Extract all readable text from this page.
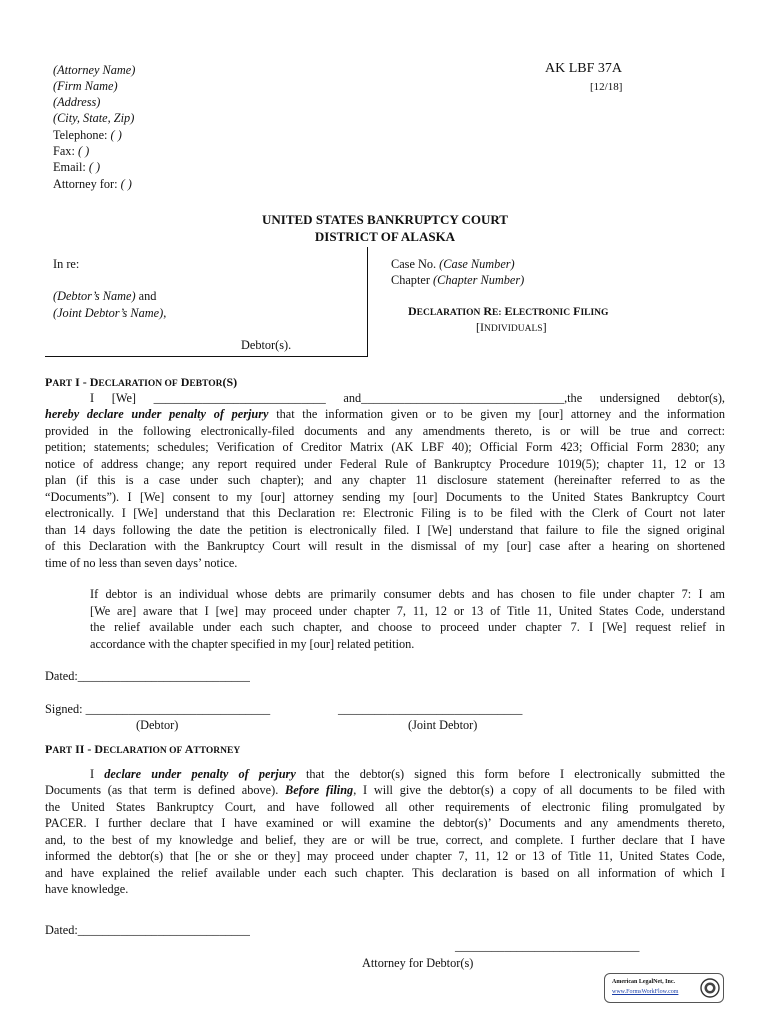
(Attorney Name)
(Firm Name)
(Address)
(City, State, Zip)
Telephone: ( )
Fax: ( )
Email: ( )
Attorney for: ( )
AK LBF 37A
[12/18]
UNITED STATES BANKRUPTCY COURT
DISTRICT OF ALASKA
In re:
(Debtor’s Name) and
(Joint Debtor’s Name),
Debtor(s).
Case No. (Case Number)
Chapter (Chapter Number)
DECLARATION RE: ELECTRONIC FILING
[INDIVIDUALS]
PART I - DECLARATION OF DEBTOR(S)
I [We] ____________________________ and_________________________________,the undersigned debtor(s),
hereby declare under penalty of perjury that the information given or to be given my [our] attorney and the information
provided in the following electronically-filed documents and any amendments thereto, is or will be true and correct:
petition; statements; schedules; Verification of Creditor Matrix (AK LBF 40); Official Form 423; Official Form 2830; any
notice of address change; any report required under Federal Rule of Bankruptcy Procedure 1019(5); chapter 11, 12 or 13
plan (if this is a case under such chapter); and any chapter 11 disclosure statement (hereinafter referred to as the
“Documents”). I [We] consent to my [our] attorney sending my [our] Documents to the United States Bankruptcy Court
electronically. I [We] understand that this Declaration re: Electronic Filing is to be filed with the Clerk of Court not later
than 14 days following the date the petition is electronically filed. I [We] understand that failure to file the signed original
of this Declaration with the Bankruptcy Court will result in the dismissal of my [our] case after a hearing on shortened
time of no less than seven days’ notice.
If debtor is an individual whose debts are primarily consumer debts and has chosen to file under chapter 7: I am
[We are] aware that I [we] may proceed under chapter 7, 11, 12 or 13 of Title 11, United States Code, understand
the relief available under each such chapter, and choose to proceed under chapter 7. I [We] request relief in
accordance with the chapter specified in my [our] related petition.
Dated:____________________________
Signed: ______________________________	______________________________
(Debtor)	(Joint Debtor)
PART II - DECLARATION OF ATTORNEY
I declare under penalty of perjury that the debtor(s) signed this form before I electronically submitted the
Documents (as that term is defined above). Before filing, I will give the debtor(s) a copy of all documents to be filed with
the United States Bankruptcy Court, and have followed all other requirements of electronic filing promulgated by
PACER. I further declare that I have examined or will examine the debtor(s)’ Documents and any amendments thereto,
and, to the best of my knowledge and belief, they are or will be true, correct, and complete. I further declare that I have
informed the debtor(s) that [he or she or they] may proceed under chapter 7, 11, 12 or 13 of Title 11, United States Code,
and have explained the relief available under each such chapter. This declaration is based on all information of which I
have knowledge.
Dated:____________________________
______________________________
Attorney for Debtor(s)
American LegalNet, Inc.
www.FormsWorkFlow.com
